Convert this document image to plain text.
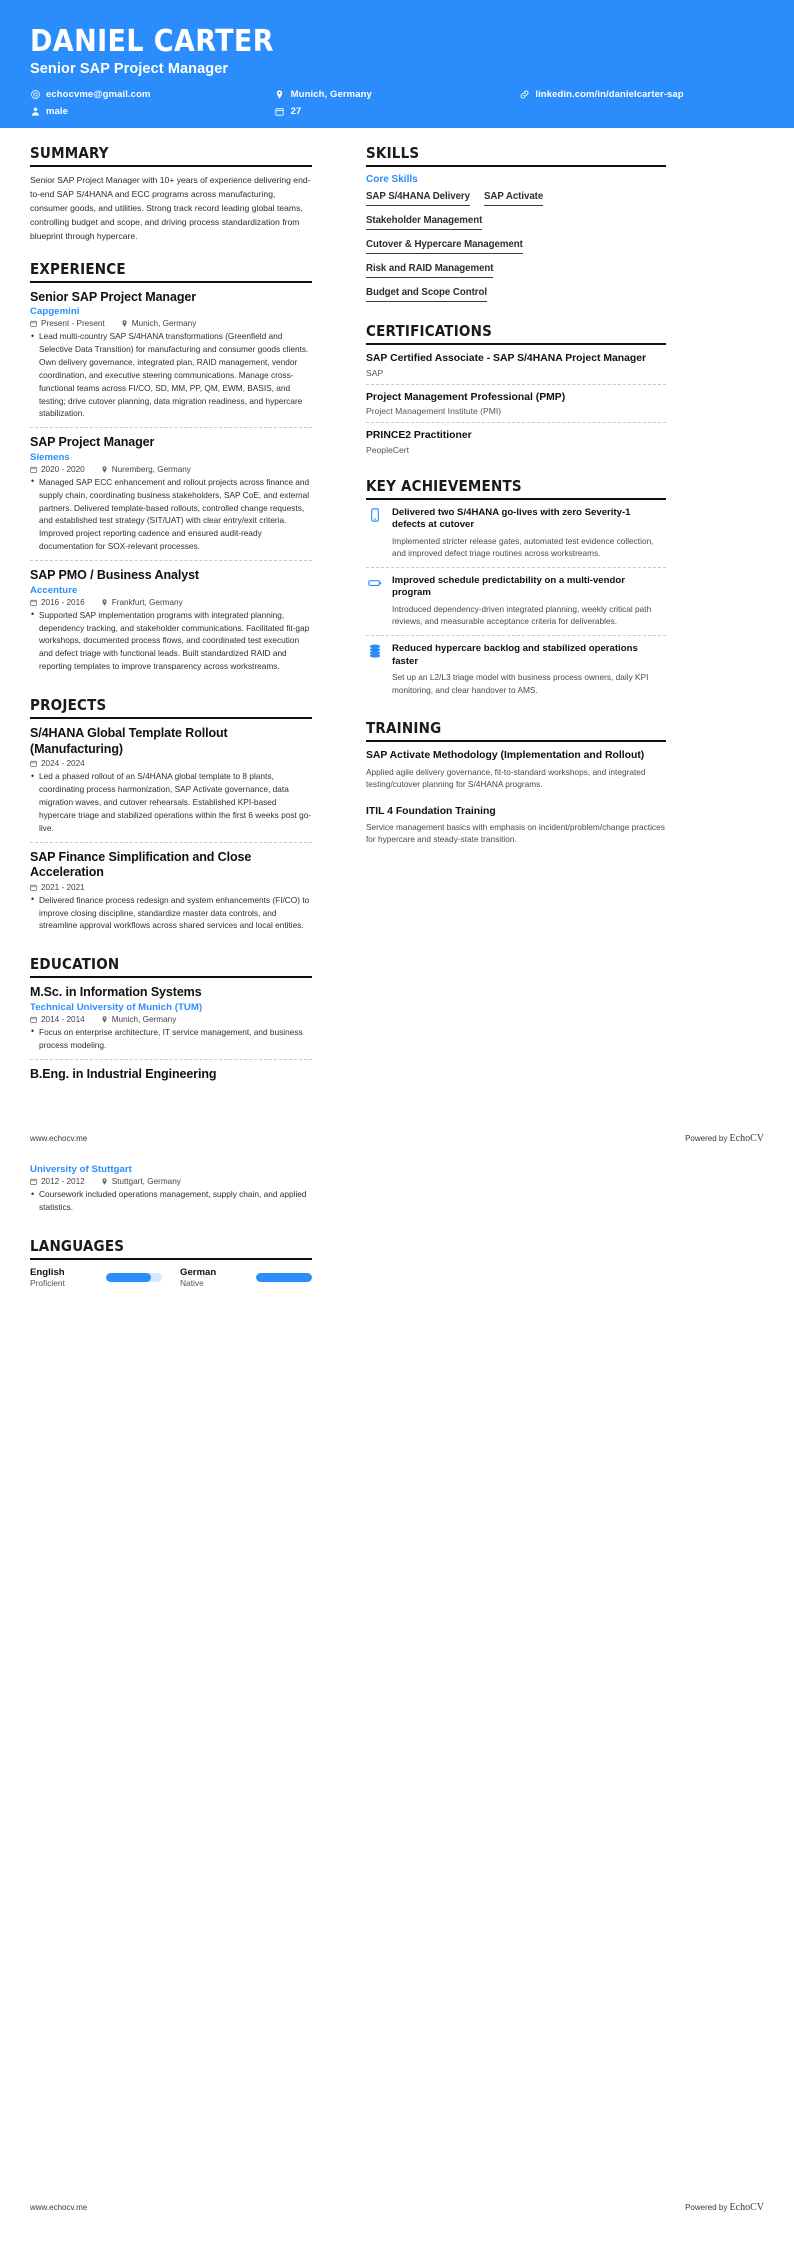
DANIEL CARTER
Senior SAP Project Manager
echocvme@gmail.com	Munich, Germany	linkedin.com/in/danielcarter-sap
male	27
SUMMARY
Senior SAP Project Manager with 10+ years of experience delivering end-to-end SAP S/4HANA and ECC programs across manufacturing, consumer goods, and utilities. Strong track record leading global teams, controlling budget and scope, and driving process standardization from blueprint through hypercare.
EXPERIENCE
Senior SAP Project Manager
Capgemini
Present - Present	Munich, Germany
• Lead multi-country SAP S/4HANA transformations (Greenfield and Selective Data Transition) for manufacturing and consumer goods clients. Own delivery governance, integrated plan, RAID management, vendor coordination, and executive steering communications. Manage cross-functional teams across FI/CO, SD, MM, PP, QM, EWM, BASIS, and testing; drive cutover planning, data migration readiness, and hypercare stabilization.
SAP Project Manager
Siemens
2020 - 2020	Nuremberg, Germany
• Managed SAP ECC enhancement and rollout projects across finance and supply chain, coordinating business stakeholders, SAP CoE, and external partners. Delivered template-based rollouts, controlled change requests, and established test strategy (SIT/UAT) with clear entry/exit criteria. Improved project reporting cadence and ensured audit-ready documentation for SOX-relevant processes.
SAP PMO / Business Analyst
Accenture
2016 - 2016	Frankfurt, Germany
• Supported SAP implementation programs with integrated planning, dependency tracking, and stakeholder communications. Facilitated fit-gap workshops, documented process flows, and coordinated test execution and defect triage with functional leads. Built standardized RAID and reporting templates to improve transparency across workstreams.
PROJECTS
S/4HANA Global Template Rollout (Manufacturing)
2024 - 2024
• Led a phased rollout of an S/4HANA global template to 8 plants, coordinating process harmonization, SAP Activate governance, data migration waves, and cutover rehearsals. Established KPI-based hypercare triage and stabilized operations within the first 6 weeks post go-live.
SAP Finance Simplification and Close Acceleration
2021 - 2021
• Delivered finance process redesign and system enhancements (FI/CO) to improve closing discipline, standardize master data controls, and streamline approval workflows across shared services and local entities.
EDUCATION
M.Sc. in Information Systems
Technical University of Munich (TUM)
2014 - 2014	Munich, Germany
• Focus on enterprise architecture, IT service management, and business process modeling.
B.Eng. in Industrial Engineering
SKILLS
Core Skills
SAP S/4HANA Delivery SAP Activate
Stakeholder Management
Cutover & Hypercare Management
Risk and RAID Management
Budget and Scope Control
CERTIFICATIONS
SAP Certified Associate - SAP S/4HANA Project Manager
SAP
Project Management Professional (PMP)
Project Management Institute (PMI)
PRINCE2 Practitioner
PeopleCert
KEY ACHIEVEMENTS
Delivered two S/4HANA go-lives with zero Severity-1 defects at cutover
Implemented stricter release gates, automated test evidence collection, and improved defect triage routines across workstreams.
Improved schedule predictability on a multi-vendor program
Introduced dependency-driven integrated planning, weekly critical path reviews, and measurable acceptance criteria for deliverables.
Reduced hypercare backlog and stabilized operations faster
Set up an L2/L3 triage model with business process owners, daily KPI monitoring, and clear handover to AMS.
TRAINING
SAP Activate Methodology (Implementation and Rollout)
Applied agile delivery governance, fit-to-standard workshops, and integrated testing/cutover planning for S/4HANA programs.
ITIL 4 Foundation Training
Service management basics with emphasis on incident/problem/change practices for hypercare and steady-state transition.
www.echocv.me	Powered by EchoCV
University of Stuttgart
2012 - 2012	Stuttgart, Germany
• Coursework included operations management, supply chain, and applied statistics.
LANGUAGES
English
Proficient
German
Native
www.echocv.me	Powered by EchoCV
